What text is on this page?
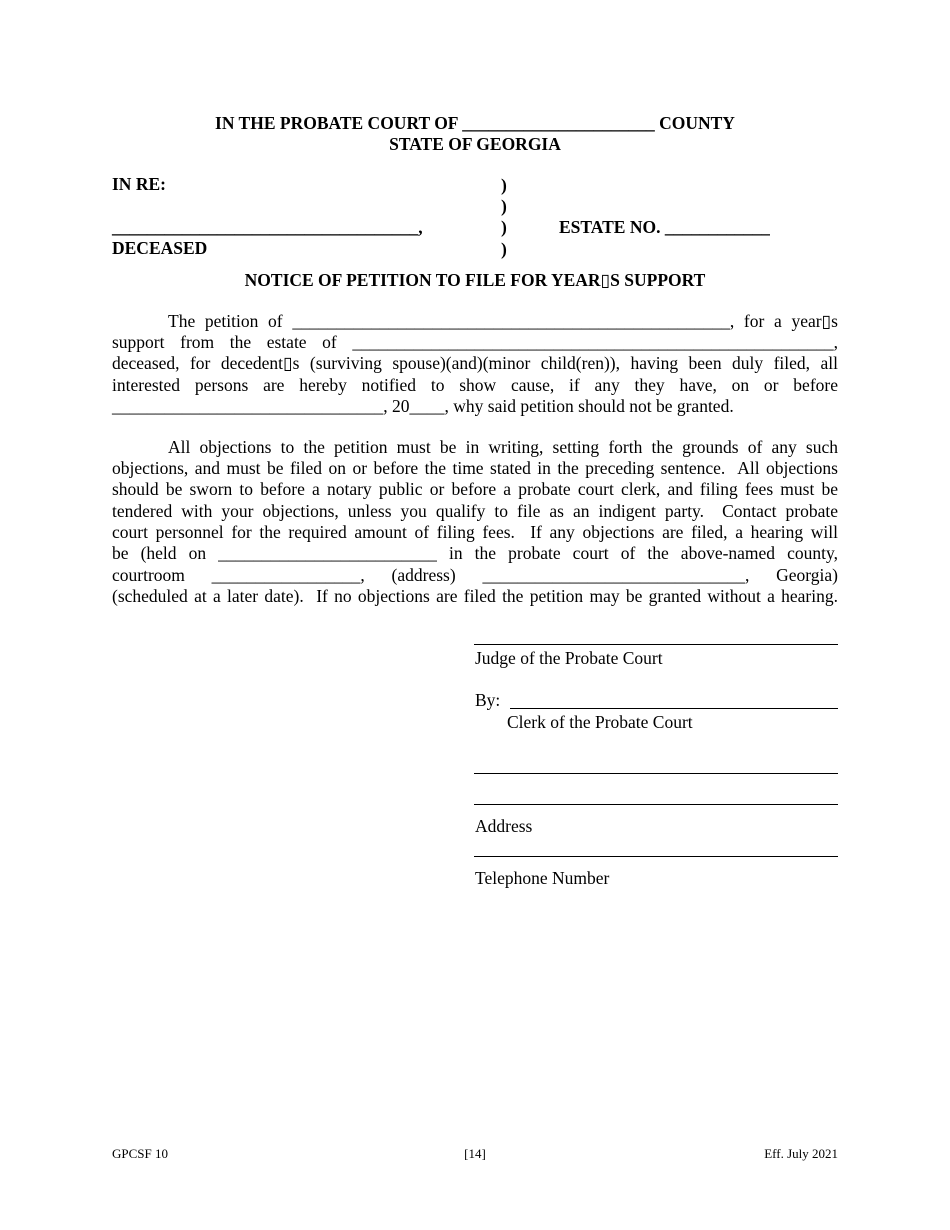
IN THE PROBATE COURT OF ______________________ COUNTY
STATE OF GEORGIA
IN RE:	)
)
___________________________________,	)	ESTATE NO. ____________
DECEASED	)
NOTICE OF PETITION TO FILE FOR YEAR▯S SUPPORT
The petition of __________________________________________________, for a year▯s
support from the estate of _______________________________________________________,
deceased, for decedent▯s (surviving spouse)(and)(minor child(ren)), having been duly filed, all
interested persons are hereby notified to show cause, if any they have, on or before
_______________________________, 20____, why said petition should not be granted.
All objections to the petition must be in writing, setting forth the grounds of any such
objections, and must be filed on or before the time stated in the preceding sentence.  All objections
should be sworn to before a notary public or before a probate court clerk, and filing fees must be
tendered with your objections, unless you qualify to file as an indigent party.  Contact probate
court personnel for the required amount of filing fees.  If any objections are filed, a hearing will
be (held on _________________________ in the probate court of the above-named county,
courtroom _________________, (address) ______________________________, Georgia)
(scheduled at a later date).  If no objections are filed the petition may be granted without a hearing.
Judge of the Probate Court
By:
Clerk of the Probate Court
Address
Telephone Number
GPCSF 10	[14]	Eff. July 2021
